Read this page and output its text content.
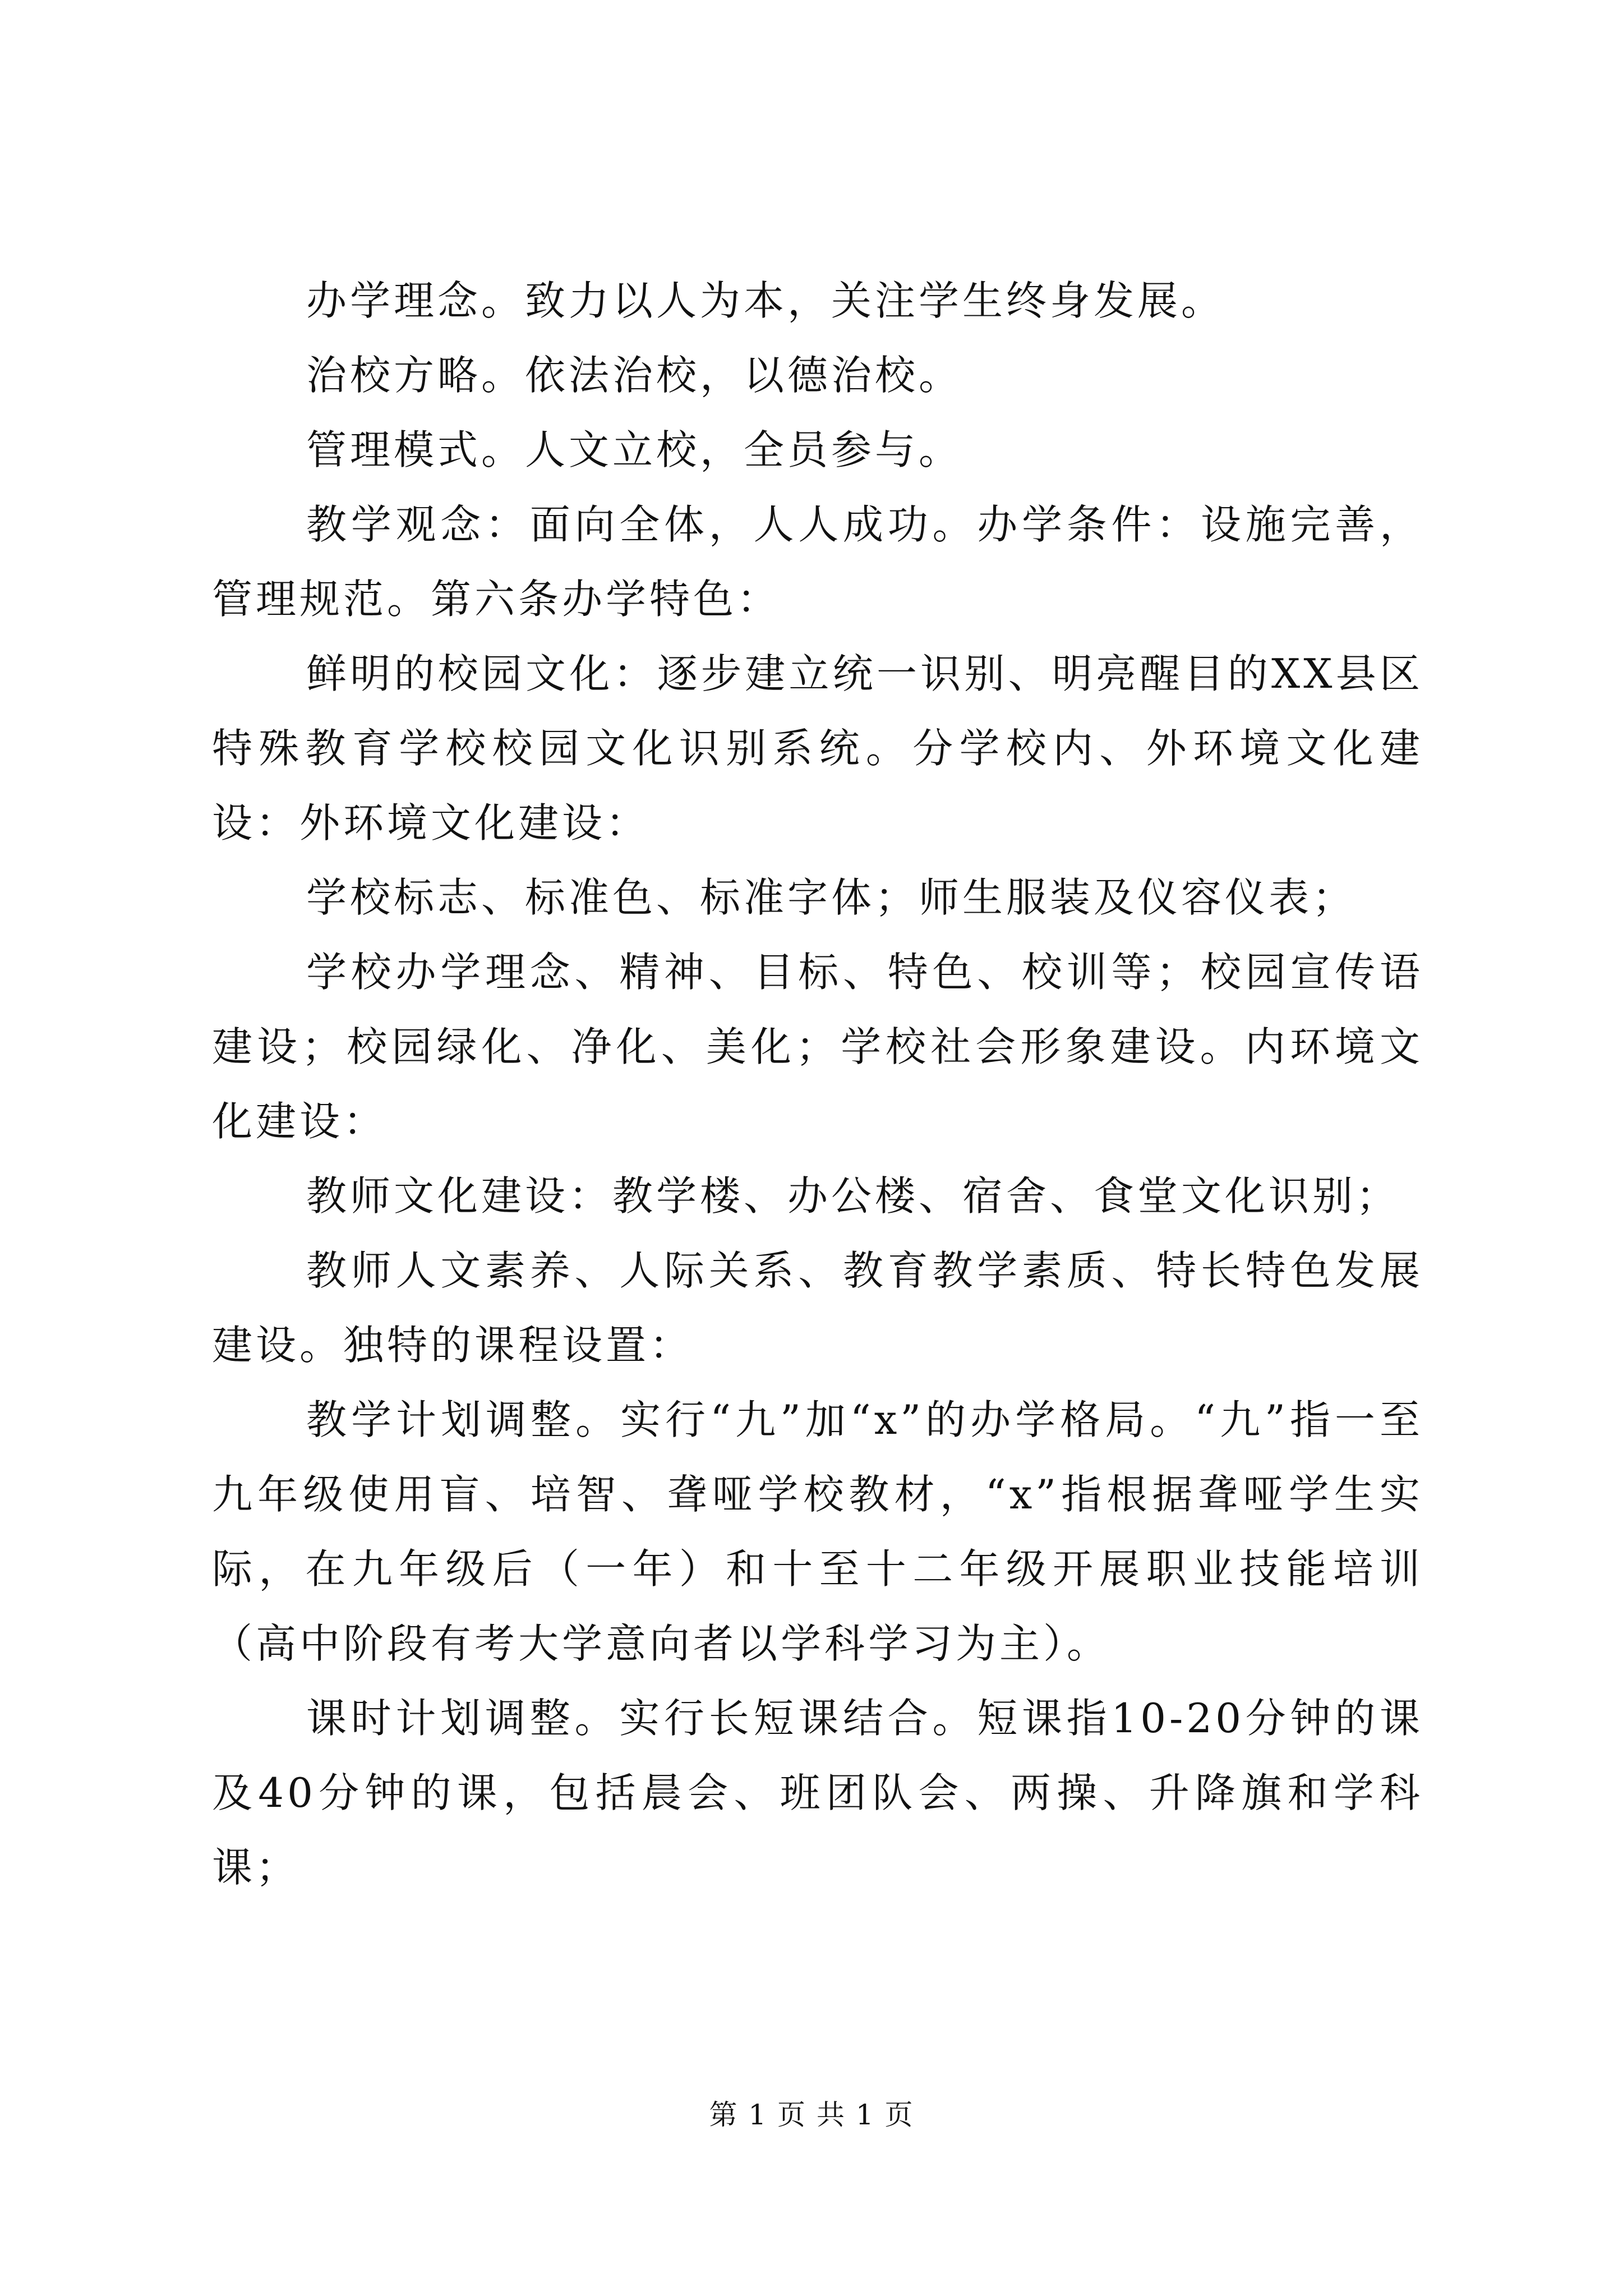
办学理念。致力以人为本，关注学生终身发展。

治校方略。依法治校，以德治校。

管理模式。人文立校，全员参与。

教学观念：面向全体，人人成功。办学条件：设施完善，管理规范。第六条办学特色：

鲜明的校园文化：逐步建立统一识别、明亮醒目的XX县区特殊教育学校校园文化识别系统。分学校内、外环境文化建设：外环境文化建设：

学校标志、标准色、标准字体；师生服装及仪容仪表；

学校办学理念、精神、目标、特色、校训等；校园宣传语建设；校园绿化、净化、美化；学校社会形象建设。内环境文化建设：

教师文化建设：教学楼、办公楼、宿舍、食堂文化识别；

教师人文素养、人际关系、教育教学素质、特长特色发展建设。独特的课程设置：

教学计划调整。实行“九”加“x”的办学格局。“九”指一至九年级使用盲、培智、聋哑学校教材，“x”指根据聋哑学生实际，在九年级后（一年）和十至十二年级开展职业技能培训（高中阶段有考大学意向者以学科学习为主）。

课时计划调整。实行长短课结合。短课指10-20分钟的课及40分钟的课，包括晨会、班团队会、两操、升降旗和学科课；

第 1 页 共 1 页
